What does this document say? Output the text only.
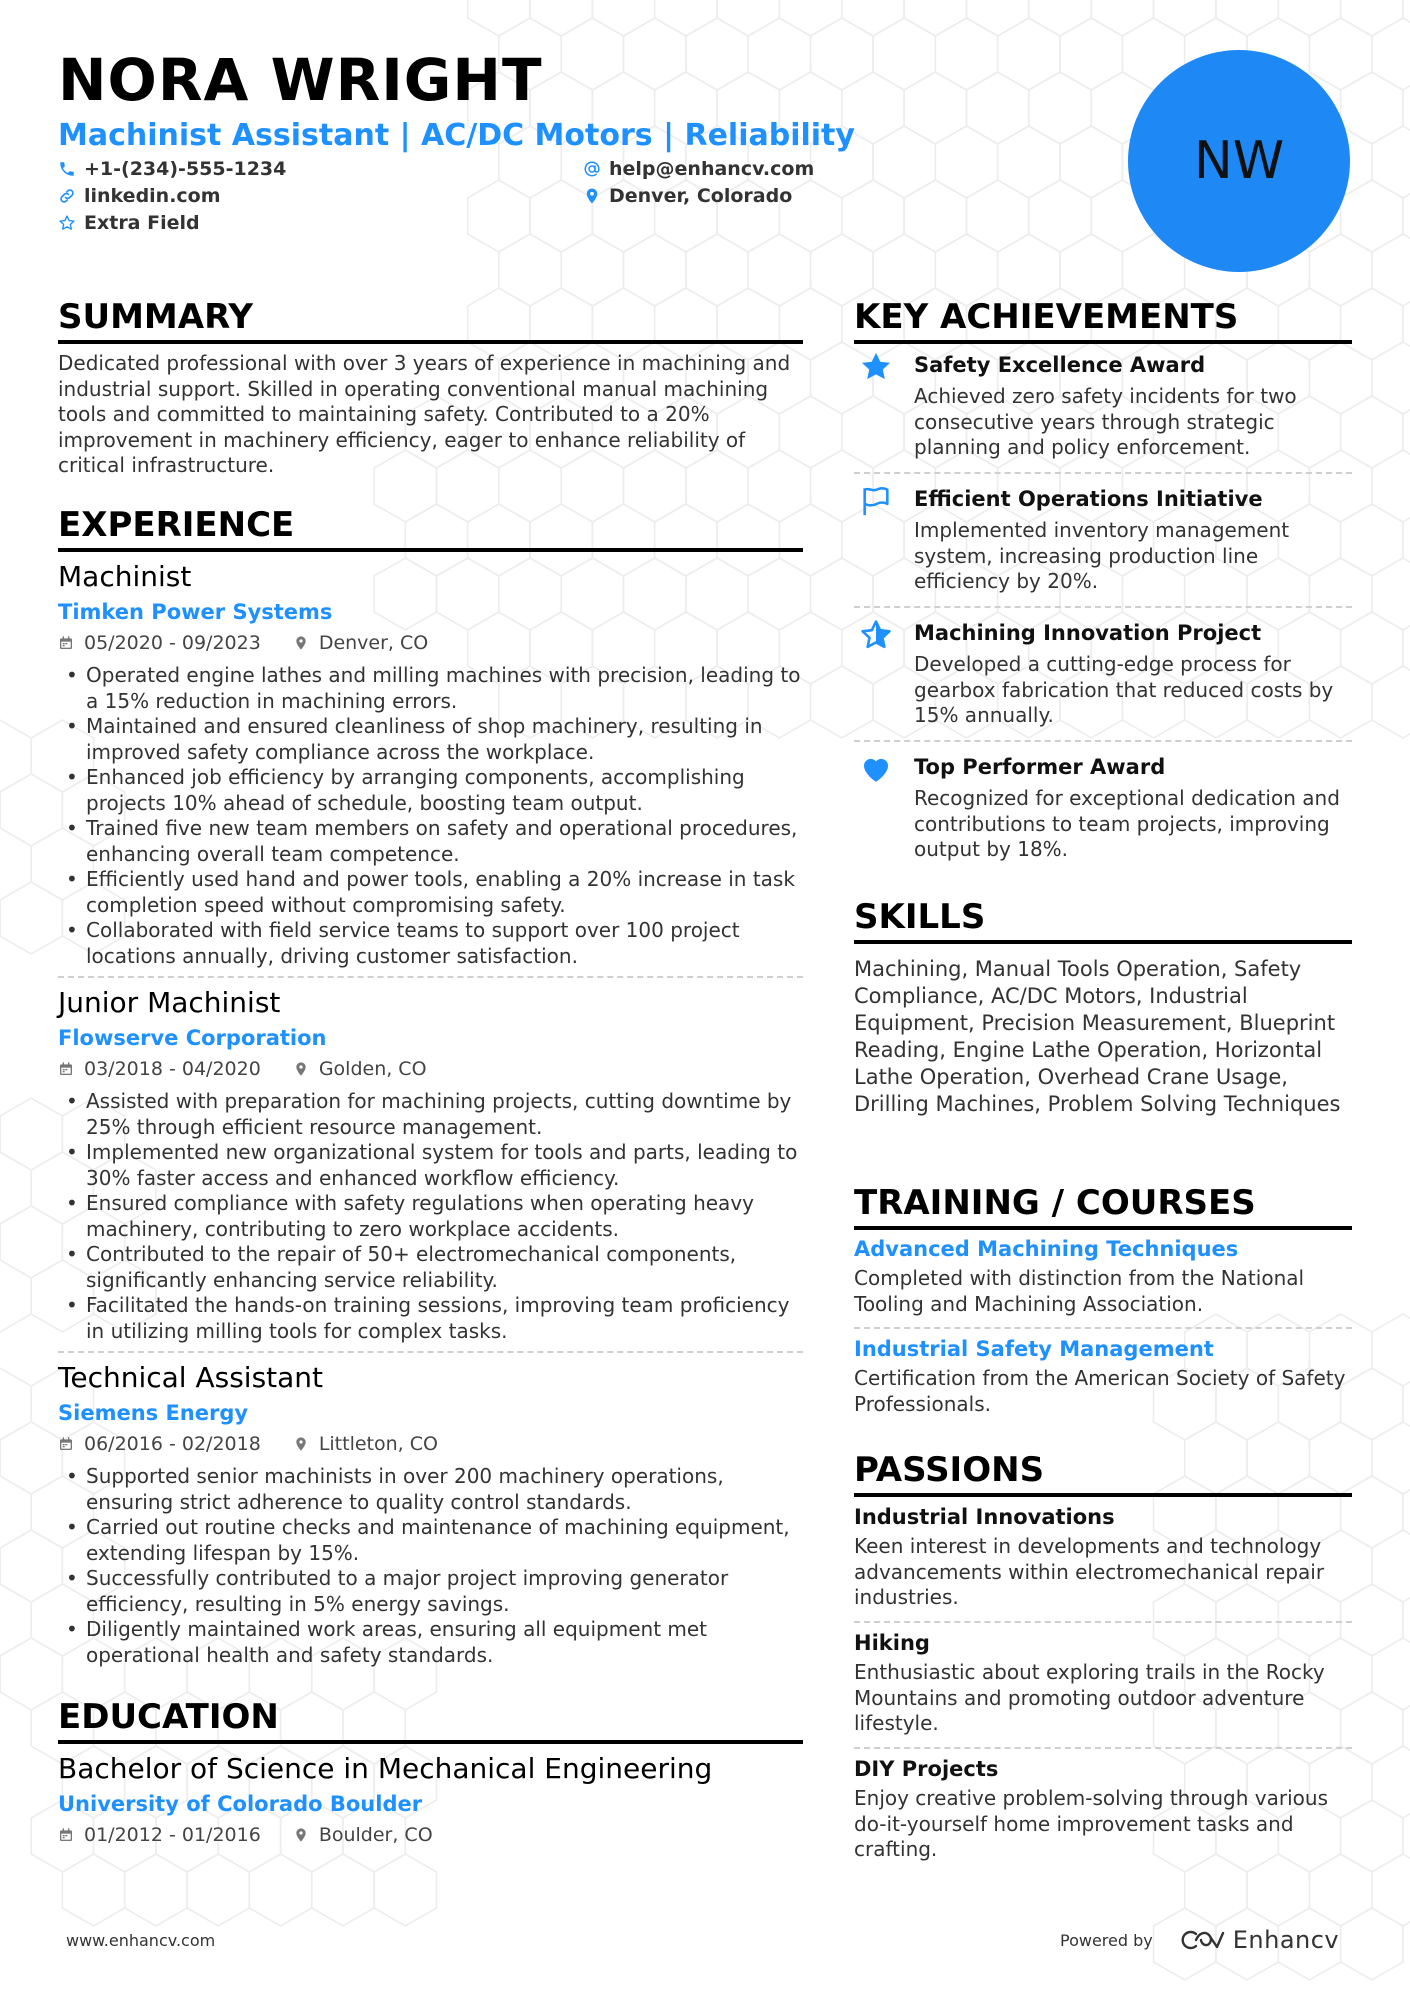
NORA WRIGHT
Machinist Assistant | AC/DC Motors | Reliability
+1-(234)-555-1234
linkedin.com
Extra Field
help@enhancv.com
Denver, Colorado
NW
SUMMARY
Dedicated professional with over 3 years of experience in machining and industrial support. Skilled in operating conventional manual machining tools and committed to maintaining safety. Contributed to a 20% improvement in machinery efficiency, eager to enhance reliability of critical infrastructure.
EXPERIENCE
Machinist
Timken Power Systems
05/2020 - 09/2023	Denver, CO
• Operated engine lathes and milling machines with precision, leading to a 15% reduction in machining errors.
• Maintained and ensured cleanliness of shop machinery, resulting in improved safety compliance across the workplace.
• Enhanced job efficiency by arranging components, accomplishing projects 10% ahead of schedule, boosting team output.
• Trained five new team members on safety and operational procedures, enhancing overall team competence.
• Efficiently used hand and power tools, enabling a 20% increase in task completion speed without compromising safety.
• Collaborated with field service teams to support over 100 project locations annually, driving customer satisfaction.
Junior Machinist
Flowserve Corporation
03/2018 - 04/2020	Golden, CO
• Assisted with preparation for machining projects, cutting downtime by 25% through efficient resource management.
• Implemented new organizational system for tools and parts, leading to 30% faster access and enhanced workflow efficiency.
• Ensured compliance with safety regulations when operating heavy machinery, contributing to zero workplace accidents.
• Contributed to the repair of 50+ electromechanical components, significantly enhancing service reliability.
• Facilitated the hands-on training sessions, improving team proficiency in utilizing milling tools for complex tasks.
Technical Assistant
Siemens Energy
06/2016 - 02/2018	Littleton, CO
• Supported senior machinists in over 200 machinery operations, ensuring strict adherence to quality control standards.
• Carried out routine checks and maintenance of machining equipment, extending lifespan by 15%.
• Successfully contributed to a major project improving generator efficiency, resulting in 5% energy savings.
• Diligently maintained work areas, ensuring all equipment met operational health and safety standards.
EDUCATION
Bachelor of Science in Mechanical Engineering
University of Colorado Boulder
01/2012 - 01/2016	Boulder, CO
KEY ACHIEVEMENTS
Safety Excellence Award
Achieved zero safety incidents for two consecutive years through strategic planning and policy enforcement.
Efficient Operations Initiative
Implemented inventory management system, increasing production line efficiency by 20%.
Machining Innovation Project
Developed a cutting-edge process for gearbox fabrication that reduced costs by 15% annually.
Top Performer Award
Recognized for exceptional dedication and contributions to team projects, improving output by 18%.
SKILLS
Machining, Manual Tools Operation, Safety Compliance, AC/DC Motors, Industrial Equipment, Precision Measurement, Blueprint Reading, Engine Lathe Operation, Horizontal Lathe Operation, Overhead Crane Usage, Drilling Machines, Problem Solving Techniques
TRAINING / COURSES
Advanced Machining Techniques
Completed with distinction from the National Tooling and Machining Association.
Industrial Safety Management
Certification from the American Society of Safety Professionals.
PASSIONS
Industrial Innovations
Keen interest in developments and technology advancements within electromechanical repair industries.
Hiking
Enthusiastic about exploring trails in the Rocky Mountains and promoting outdoor adventure lifestyle.
DIY Projects
Enjoy creative problem-solving through various do-it-yourself home improvement tasks and crafting.
www.enhancv.com	Powered by	Enhancv
